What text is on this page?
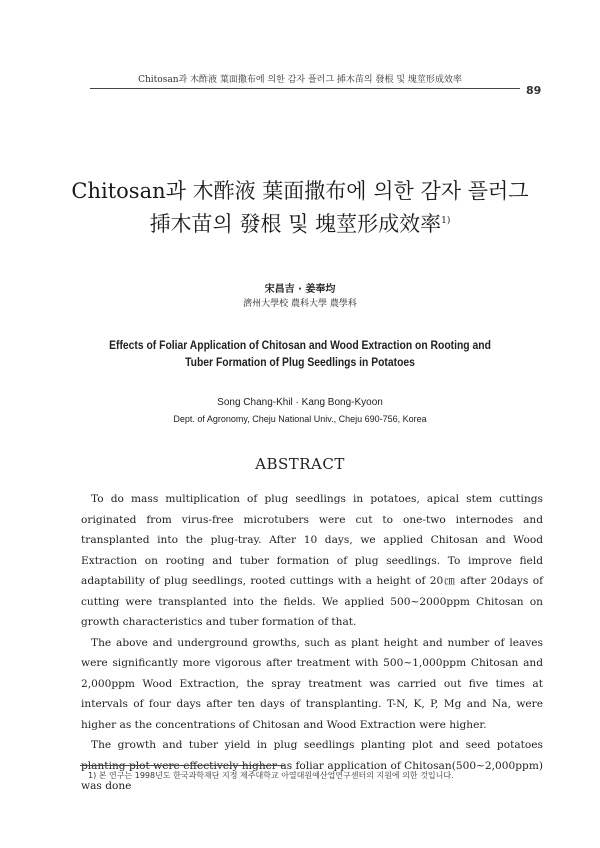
Chitosan과 木酢液 葉面撒布에 의한 감자 플러그 揷木苗의 發根 및 塊莖形成效率
89
Chitosan과 木酢液 葉面撒布에 의한 감자 플러그
揷木苗의 發根 및 塊莖形成效率$^{1)}$
宋昌吉 · 姜奉均
濟州大學校 農科大學 農學科
Effects of Foliar Application of Chitosan and Wood Extraction on Rooting and
Tuber Formation of Plug Seedlings in Potatoes
Song Chang-Khil · Kang Bong-Kyoon
Dept. of Agronomy, Cheju National Univ., Cheju 690-756, Korea
ABSTRACT

To do mass multiplication of plug seedlings in potatoes, apical stem cuttings originated from virus-free microtubers were cut to one-two internodes and transplanted into the plug-tray. After 10 days, we applied Chitosan and Wood Extraction on rooting and tuber formation of plug seedlings. To improve field adaptability of plug seedlings, rooted cuttings with a height of 20㎝ after 20days of cutting were transplanted into the fields. We applied 500~2000ppm Chitosan on growth characteristics and tuber formation of that.

The above and underground growths, such as plant height and number of leaves were significantly more vigorous after treatment with 500~1,000ppm Chitosan and 2,000ppm Wood Extraction, the spray treatment was carried out five times at intervals of four days after ten days of transplanting. T-N, K, P, Mg and Na, were higher as the concentrations of Chitosan and Wood Extraction were higher.

The growth and tuber yield in plug seedlings planting plot and seed potatoes planting plot were effectively higher as foliar application of Chitosan(500~2,000ppm) was done

1) 본 연구는 1998년도 한국과학재단 지정 제주대학교 아열대원예산업연구센터의 지원에 의한 것입니다.
